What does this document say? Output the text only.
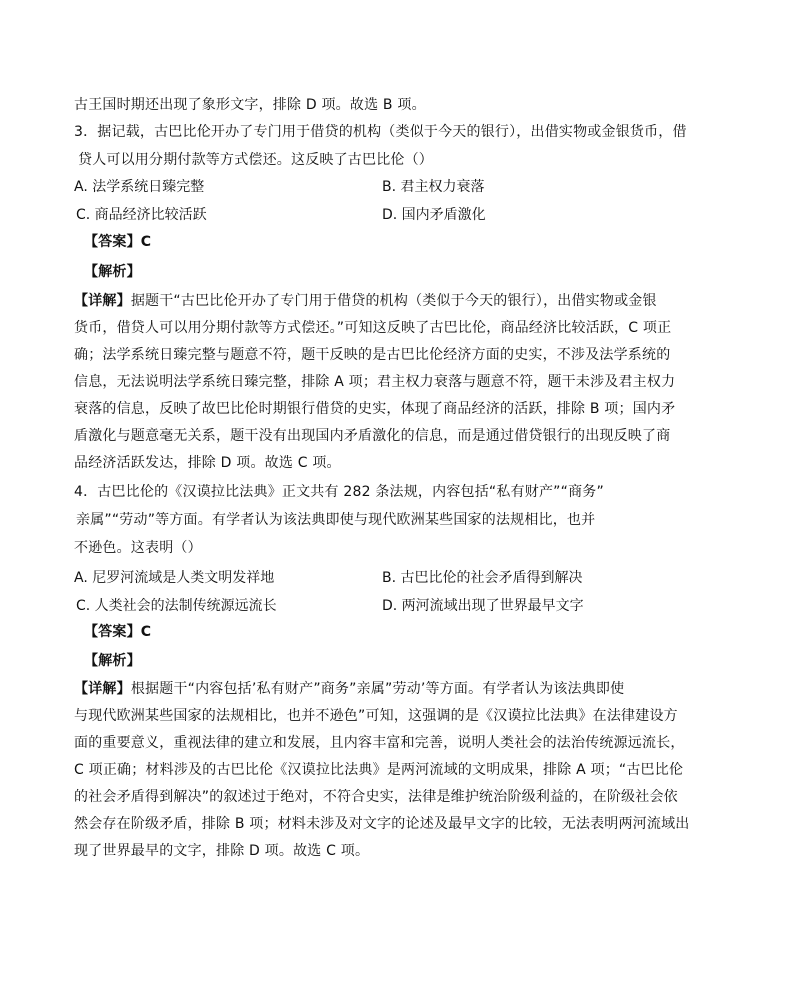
古王国时期还出现了象形文字，排除 D 项。故选 B 项。
3．据记载，古巴比伦开办了专门用于借贷的机构（类似于今天的银行），出借实物或金银货币，借
贷人可以用分期付款等方式偿还。这反映了古巴比伦（）
A. 法学系统日臻完整	B. 君主权力衰落
C. 商品经济比较活跃	D. 国内矛盾激化
【答案】C
【解析】
【详解】据题干“古巴比伦开办了专门用于借贷的机构（类似于今天的银行），出借实物或金银
货币，借贷人可以用分期付款等方式偿还。”可知这反映了古巴比伦，商品经济比较活跃，C 项正
确；法学系统日臻完整与题意不符，题干反映的是古巴比伦经济方面的史实，不涉及法学系统的
信息，无法说明法学系统日臻完整，排除 A 项；君主权力衰落与题意不符，题干未涉及君主权力
衰落的信息，反映了故巴比伦时期银行借贷的史实，体现了商品经济的活跃，排除 B 项；国内矛
盾激化与题意毫无关系，题干没有出现国内矛盾激化的信息，而是通过借贷银行的出现反映了商
品经济活跃发达，排除 D 项。故选 C 项。
4．古巴比伦的《汉谟拉比法典》正文共有 282 条法规，内容包括“私有财产”“商务”
亲属”“劳动”等方面。有学者认为该法典即使与现代欧洲某些国家的法规相比，也并
不逊色。这表明（）
A. 尼罗河流域是人类文明发祥地	B. 古巴比伦的社会矛盾得到解决
C. 人类社会的法制传统源远流长	D. 两河流域出现了世界最早文字
【答案】C
【解析】
【详解】根据题干“内容包括’私有财产”商务”亲属”劳动’等方面。有学者认为该法典即使
与现代欧洲某些国家的法规相比，也并不逊色”可知，这强调的是《汉谟拉比法典》在法律建设方
面的重要意义，重视法律的建立和发展，且内容丰富和完善，说明人类社会的法治传统源远流长，
C 项正确；材料涉及的古巴比伦《汉谟拉比法典》是两河流域的文明成果，排除 A 项；“古巴比伦
的社会矛盾得到解决”的叙述过于绝对，不符合史实，法律是维护统治阶级利益的，在阶级社会依
然会存在阶级矛盾，排除 B 项；材料未涉及对文字的论述及最早文字的比较，无法表明两河流域出
现了世界最早的文字，排除 D 项。故选 C 项。
